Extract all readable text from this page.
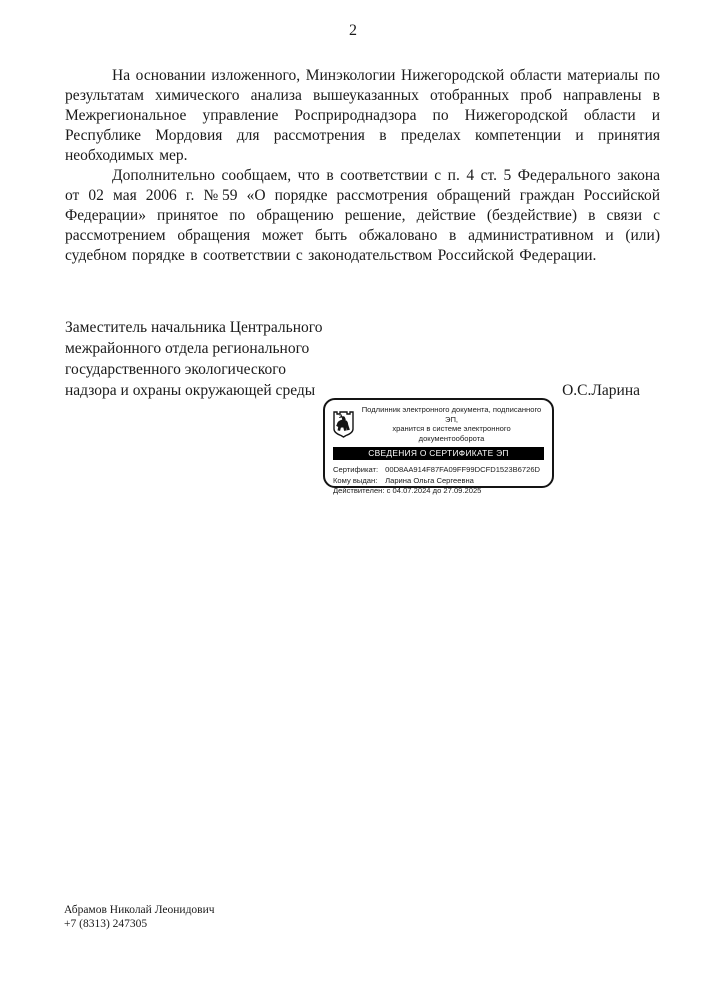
2

На основании изложенного, Минэкологии Нижегородской области материалы по результатам химического анализа вышеуказанных отобранных проб направлены в Межрегиональное управление Росприроднадзора по Нижегородской области и Республике Мордовия для рассмотрения в пределах компетенции и принятия необходимых мер.

Дополнительно сообщаем, что в соответствии с п. 4 ст. 5 Федерального закона от 02 мая 2006 г. №59 «О порядке рассмотрения обращений граждан Российской Федерации» принятое по обращению решение, действие (бездействие) в связи с рассмотрением обращения может быть обжаловано в административном и (или) судебном порядке в соответствии с законодательством Российской Федерации.

Заместитель начальника Центрального
межрайонного отдела регионального
государственного экологического
надзора и охраны окружающей среды	О.С.Ларина
Подлинник электронного документа, подписанного ЭП,
хранится в системе электронного документооборота
СВЕДЕНИЯ О СЕРТИФИКАТЕ ЭП
Сертификат: 00D8AA914F87FA09FF99DCFD1523B6726D
Кому выдан: Ларина Ольга Сергеевна
Действителен: с 04.07.2024 до 27.09.2025
Абрамов Николай Леонидович
+7 (8313) 247305
